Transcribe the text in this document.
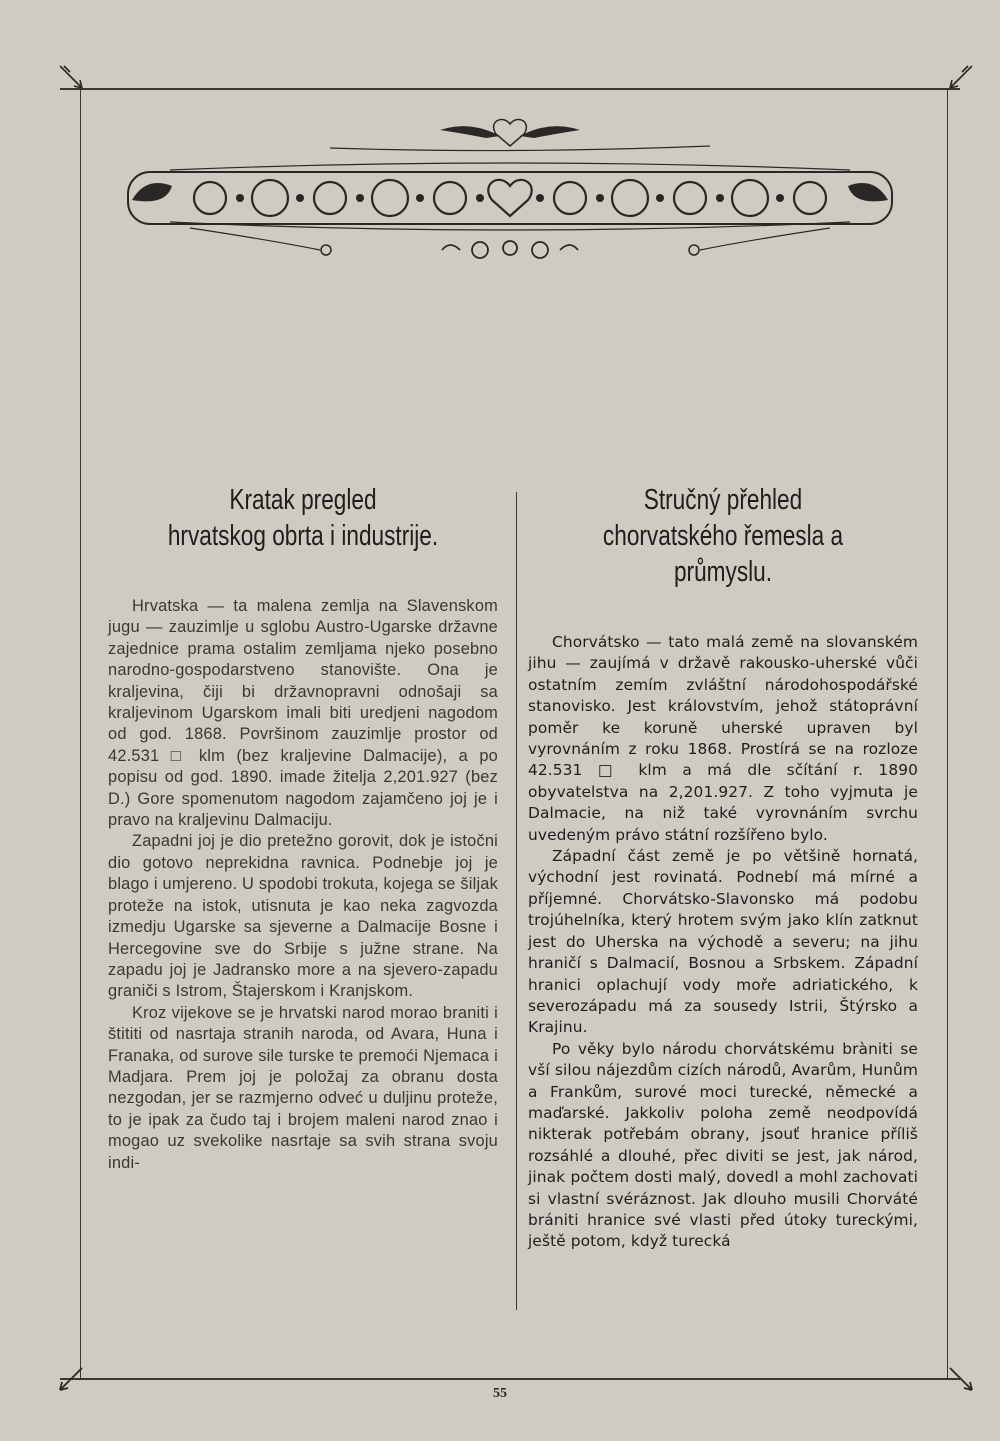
Kratak pregled
hrvatskog obrta i industrije.

Hrvatska — ta malena zemlja na Slavenskom jugu — zauzimlje u sglobu Austro-Ugarske državne zajednice prama ostalim zemljama njeko posebno narodno-gospodarstveno stanovište. Ona je kraljevina, čiji bi državnopravni odnošaji sa kraljevinom Ugarskom imali biti uredjeni nagodom od god. 1868. Površinom zauzimlje prostor od 42.531 □ klm (bez kraljevine Dalmacije), a po popisu od god. 1890. imade žitelja 2,201.927 (bez D.) Gore spomenutom nagodom zajamčeno joj je i pravo na kraljevinu Dalmaciju.

Zapadni joj je dio pretežno gorovit, dok je istočni dio gotovo neprekidna ravnica. Podnebje joj je blago i umjereno. U spodobi trokuta, kojega se šiljak proteže na istok, utisnuta je kao neka zagvozda izmedju Ugarske sa sjeverne a Dalmacije Bosne i Hercegovine sve do Srbije s južne strane. Na zapadu joj je Jadransko more a na sjevero-zapadu graniči s Istrom, Štajerskom i Kranjskom.

Kroz vijekove se je hrvatski narod morao braniti i štititi od nasrtaja stranih naroda, od Avara, Huna i Franaka, od surove sile turske te premoći Njemaca i Madjara. Prem joj je položaj za obranu dosta nezgodan, jer se razmjerno odveć u duljinu proteže, to je ipak za čudo taj i brojem maleni narod znao i mogao uz svekolike nasrtaje sa svih strana svoju indi-

Stručný přehled
chorvatského řemesla a průmyslu.

Chorvátsko — tato malá země na slovanském jihu — zaujímá v državě rakousko-uherské vůči ostatním zemím zvláštní národohospodářské stanovisko. Jest královstvím, jehož státoprávní poměr ke koruně uherské upraven byl vyrovnáním z roku 1868. Prostírá se na rozloze 42.531 □ klm a má dle sčítání r. 1890 obyvatelstva na 2,201.927. Z toho vyjmuta je Dalmacie, na niž také vyrovnáním svrchu uvedeným právo státní rozšířeno bylo.

Západní část země je po většině hornatá, východní jest rovinatá. Podnebí má mírné a příjemné. Chorvátsko-Slavonsko má podobu trojúhelníka, který hrotem svým jako klín zatknut jest do Uherska na východě a severu; na jihu hraničí s Dalmacií, Bosnou a Srbskem. Západní hranici oplachují vody moře adriatického, k severozápadu má za sousedy Istrii, Štýrsko a Krajinu.

Po věky bylo národu chorvátskému bràniti se vší silou nájezdům cizích národů, Avarům, Hunům a Frankům, surové moci turecké, německé a maďarské. Jakkoliv poloha země neodpovídá nikterak potřebám obrany, jsouť hranice příliš rozsáhlé a dlouhé, přec diviti se jest, jak národ, jinak počtem dosti malý, dovedl a mohl zachovati si vlastní svéráznost. Jak dlouho musili Chorváté brániti hranice své vlasti před útoky tureckými, ještě potom, když turecká

55
